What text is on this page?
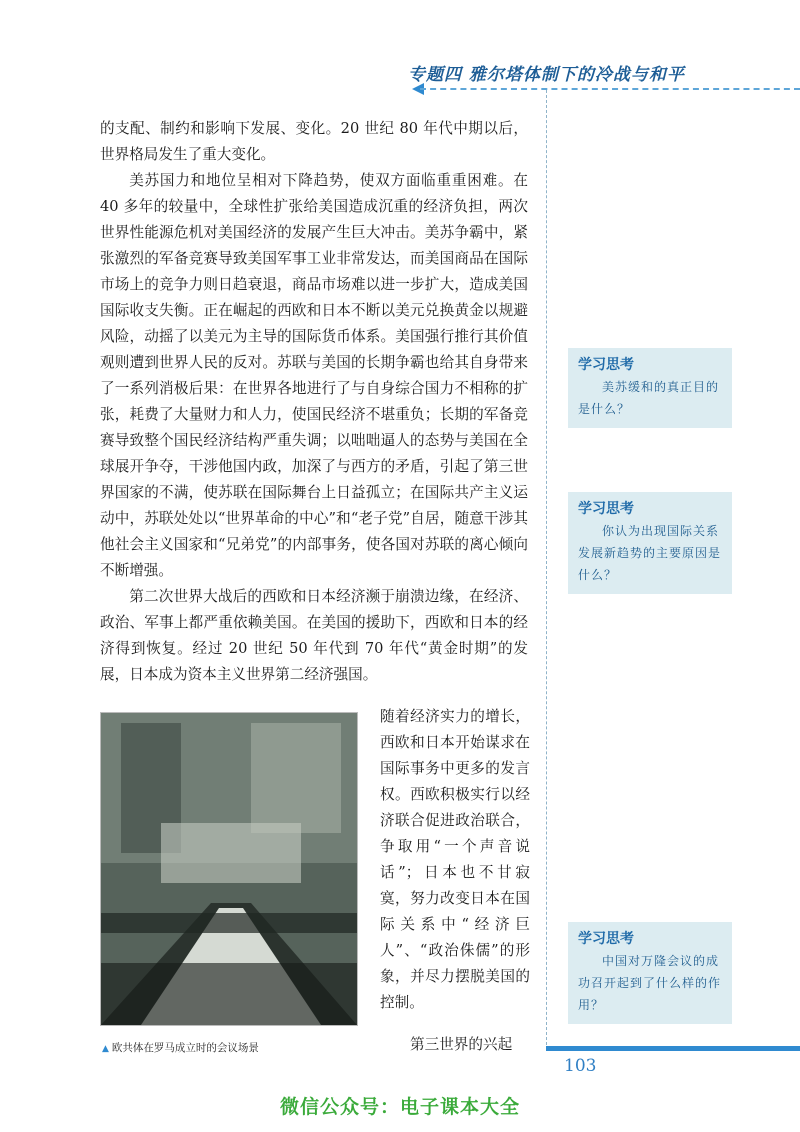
专题四 雅尔塔体制下的冷战与和平

的支配、制约和影响下发展、变化。20 世纪 80 年代中期以后，世界格局发生了重大变化。

美苏国力和地位呈相对下降趋势，使双方面临重重困难。在 40 多年的较量中，全球性扩张给美国造成沉重的经济负担，两次世界性能源危机对美国经济的发展产生巨大冲击。美苏争霸中，紧张激烈的军备竞赛导致美国军事工业非常发达，而美国商品在国际市场上的竞争力则日趋衰退，商品市场难以进一步扩大，造成美国国际收支失衡。正在崛起的西欧和日本不断以美元兑换黄金以规避风险，动摇了以美元为主导的国际货币体系。美国强行推行其价值观则遭到世界人民的反对。苏联与美国的长期争霸也给其自身带来了一系列消极后果：在世界各地进行了与自身综合国力不相称的扩张，耗费了大量财力和人力，使国民经济不堪重负；长期的军备竞赛导致整个国民经济结构严重失调；以咄咄逼人的态势与美国在全球展开争夺，干涉他国内政，加深了与西方的矛盾，引起了第三世界国家的不满，使苏联在国际舞台上日益孤立；在国际共产主义运动中，苏联处处以“世界革命的中心”和“老子党”自居，随意干涉其他社会主义国家和“兄弟党”的内部事务，使各国对苏联的离心倾向不断增强。

第二次世界大战后的西欧和日本经济濒于崩溃边缘，在经济、政治、军事上都严重依赖美国。在美国的援助下，西欧和日本的经济得到恢复。经过 20 世纪 50 年代到 70 年代“黄金时期”的发展，日本成为资本主义世界第二经济强国。

随着经济实力的增长，西欧和日本开始谋求在国际事务中更多的发言权。西欧积极实行以经济联合促进政治联合，争取用“一个声音说话”；日本也不甘寂寞，努力改变日本在国际关系中“经济巨人”、“政治侏儒”的形象，并尽力摆脱美国的控制。

▲ 欧共体在罗马成立时的会议场景	第三世界的兴起

学习思考

美苏缓和的真正目的是什么？

学习思考

你认为出现国际关系发展新趋势的主要原因是什么？

学习思考

中国对万隆会议的成功召开起到了什么样的作用？

103
微信公众号：电子课本大全
